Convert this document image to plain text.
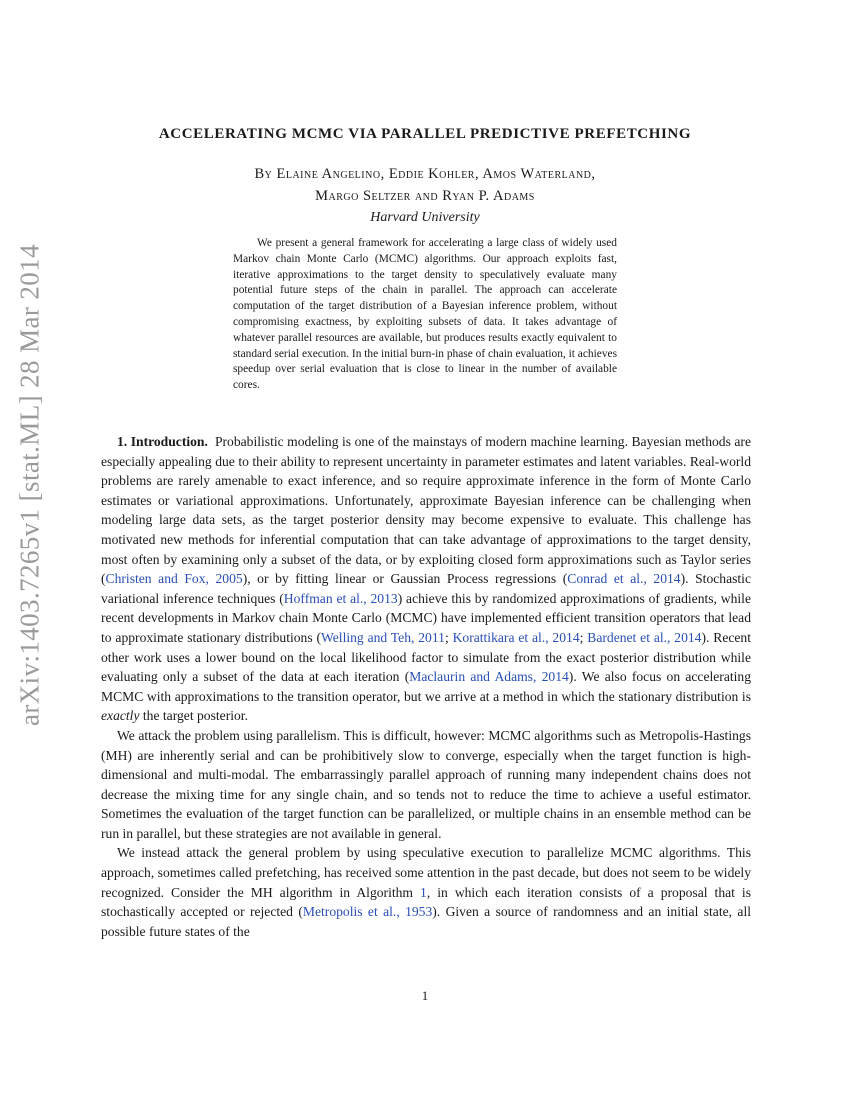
arXiv:1403.7265v1 [stat.ML] 28 Mar 2014
ACCELERATING MCMC VIA PARALLEL PREDICTIVE PREFETCHING
By Elaine Angelino, Eddie Kohler, Amos Waterland,
Margo Seltzer and Ryan P. Adams
Harvard University

We present a general framework for accelerating a large class of widely used Markov chain Monte Carlo (MCMC) algorithms. Our approach exploits fast, iterative approximations to the target density to speculatively evaluate many potential future steps of the chain in parallel. The approach can accelerate computation of the target distribution of a Bayesian inference problem, without compromising exactness, by exploiting subsets of data. It takes advantage of whatever parallel resources are available, but produces results exactly equivalent to standard serial execution. In the initial burn-in phase of chain evaluation, it achieves speedup over serial evaluation that is close to linear in the number of available cores.

1. Introduction. Probabilistic modeling is one of the mainstays of modern machine learning. Bayesian methods are especially appealing due to their ability to represent uncertainty in parameter estimates and latent variables. Real-world problems are rarely amenable to exact inference, and so require approximate inference in the form of Monte Carlo estimates or variational approximations. Unfortunately, approximate Bayesian inference can be challenging when modeling large data sets, as the target posterior density may become expensive to evaluate. This challenge has motivated new methods for inferential computation that can take advantage of approximations to the target density, most often by examining only a subset of the data, or by exploiting closed form approximations such as Taylor series (Christen and Fox, 2005), or by fitting linear or Gaussian Process regressions (Conrad et al., 2014). Stochastic variational inference techniques (Hoffman et al., 2013) achieve this by randomized approximations of gradients, while recent developments in Markov chain Monte Carlo (MCMC) have implemented efficient transition operators that lead to approximate stationary distributions (Welling and Teh, 2011; Korattikara et al., 2014; Bardenet et al., 2014). Recent other work uses a lower bound on the local likelihood factor to simulate from the exact posterior distribution while evaluating only a subset of the data at each iteration (Maclaurin and Adams, 2014). We also focus on accelerating MCMC with approximations to the transition operator, but we arrive at a method in which the stationary distribution is exactly the target posterior.

We attack the problem using parallelism. This is difficult, however: MCMC algorithms such as Metropolis-Hastings (MH) are inherently serial and can be prohibitively slow to converge, especially when the target function is high-dimensional and multi-modal. The embarrassingly parallel approach of running many independent chains does not decrease the mixing time for any single chain, and so tends not to reduce the time to achieve a useful estimator. Sometimes the evaluation of the target function can be parallelized, or multiple chains in an ensemble method can be run in parallel, but these strategies are not available in general.

We instead attack the general problem by using speculative execution to parallelize MCMC algorithms. This approach, sometimes called prefetching, has received some attention in the past decade, but does not seem to be widely recognized. Consider the MH algorithm in Algorithm 1, in which each iteration consists of a proposal that is stochastically accepted or rejected (Metropolis et al., 1953). Given a source of randomness and an initial state, all possible future states of the

1
